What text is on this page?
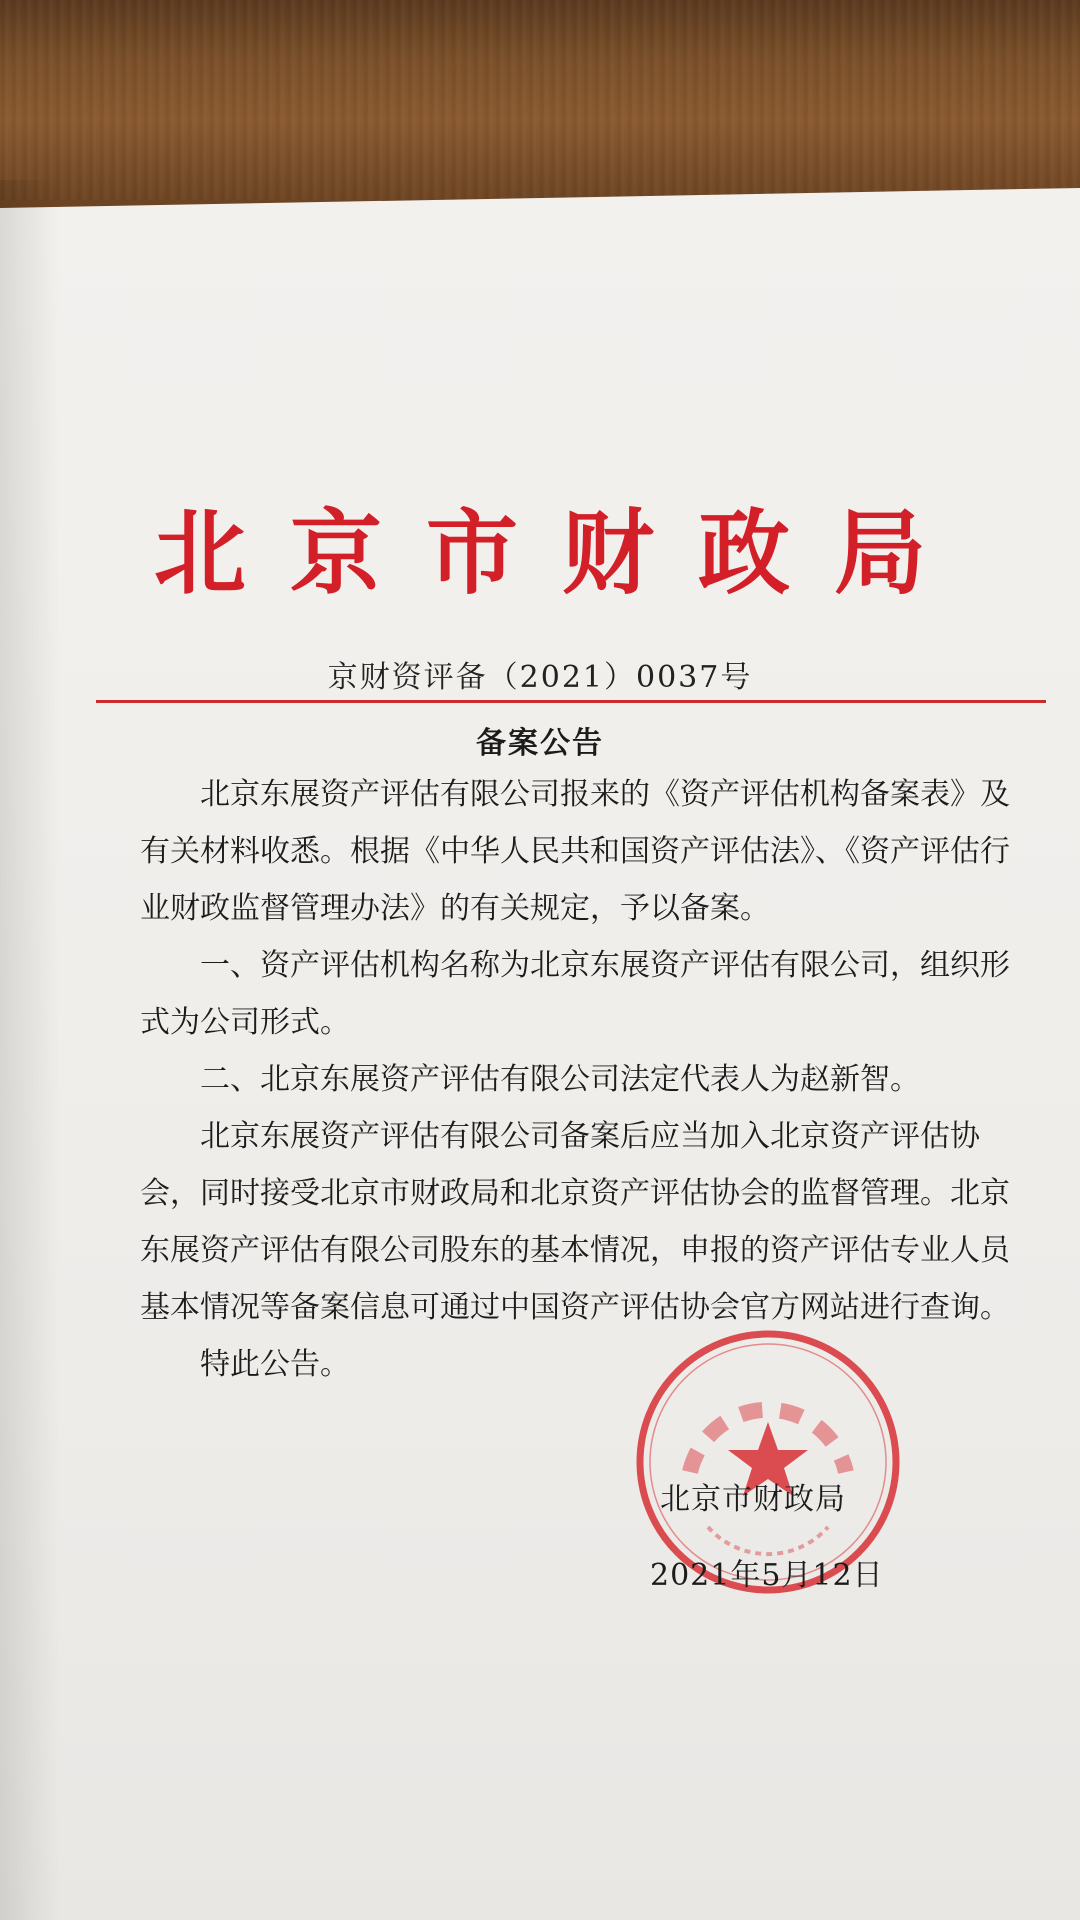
北京市财政局
京财资评备（2021）0037号
备案公告

北京东展资产评估有限公司报来的《资产评估机构备案表》及有关材料收悉。根据《中华人民共和国资产评估法》、《资产评估行业财政监督管理办法》的有关规定，予以备案。

一、资产评估机构名称为北京东展资产评估有限公司，组织形式为公司形式。

二、北京东展资产评估有限公司法定代表人为赵新智。

北京东展资产评估有限公司备案后应当加入北京资产评估协会，同时接受北京市财政局和北京资产评估协会的监督管理。北京东展资产评估有限公司股东的基本情况，申报的资产评估专业人员基本情况等备案信息可通过中国资产评估协会官方网站进行查询。

特此公告。

北京市财政局
2021年5月12日
